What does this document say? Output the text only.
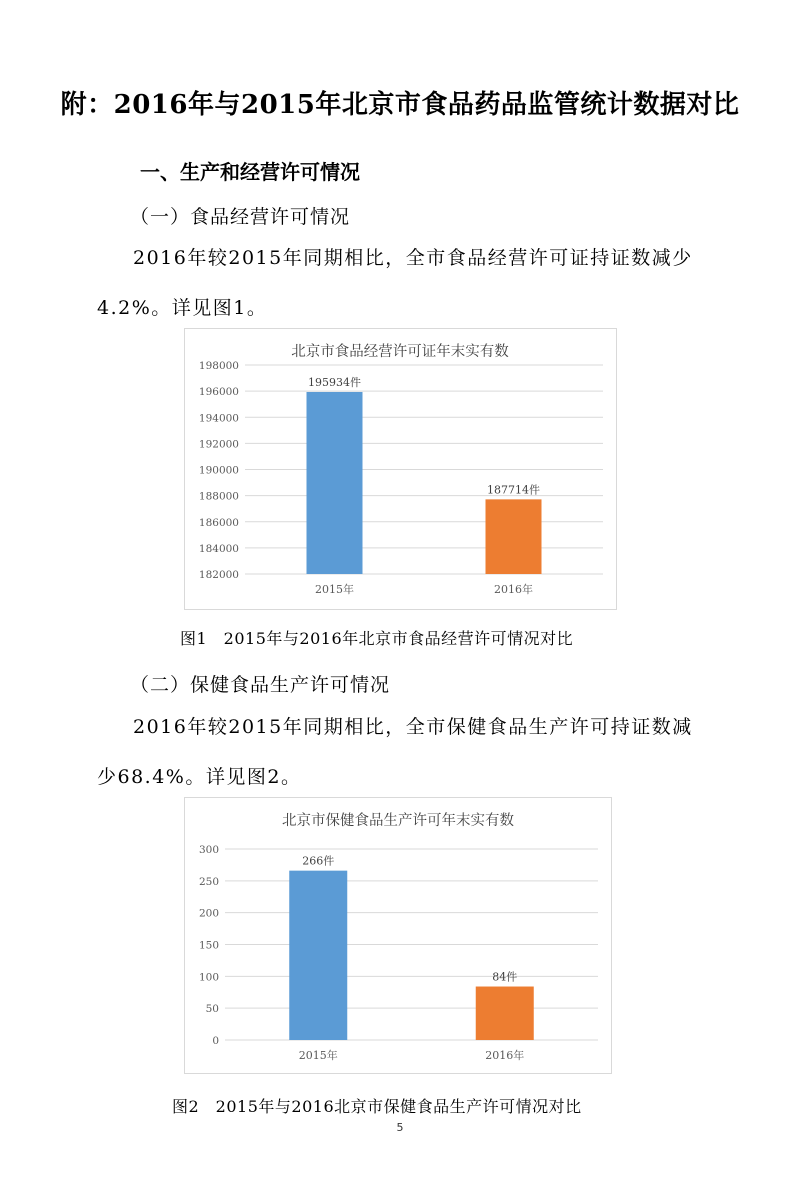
附：2016年与2015年北京市食品药品监管统计数据对比
一、生产和经营许可情况
（一）食品经营许可情况
2016年较2015年同期相比，全市食品经营许可证持证数减少4.2%。详见图1。
北京市食品经营许可证年末实有数
182000
184000
186000
188000
190000
192000
194000
196000
198000
195934件
2015年
187714件
2016年
图1　2015年与2016年北京市食品经营许可情况对比
（二）保健食品生产许可情况
2016年较2015年同期相比，全市保健食品生产许可持证数减少68.4%。详见图2。
北京市保健食品生产许可年末实有数
0
50
100
150
200
250
300
266件
2015年
84件
2016年
图2　2015年与2016北京市保健食品生产许可情况对比
5
